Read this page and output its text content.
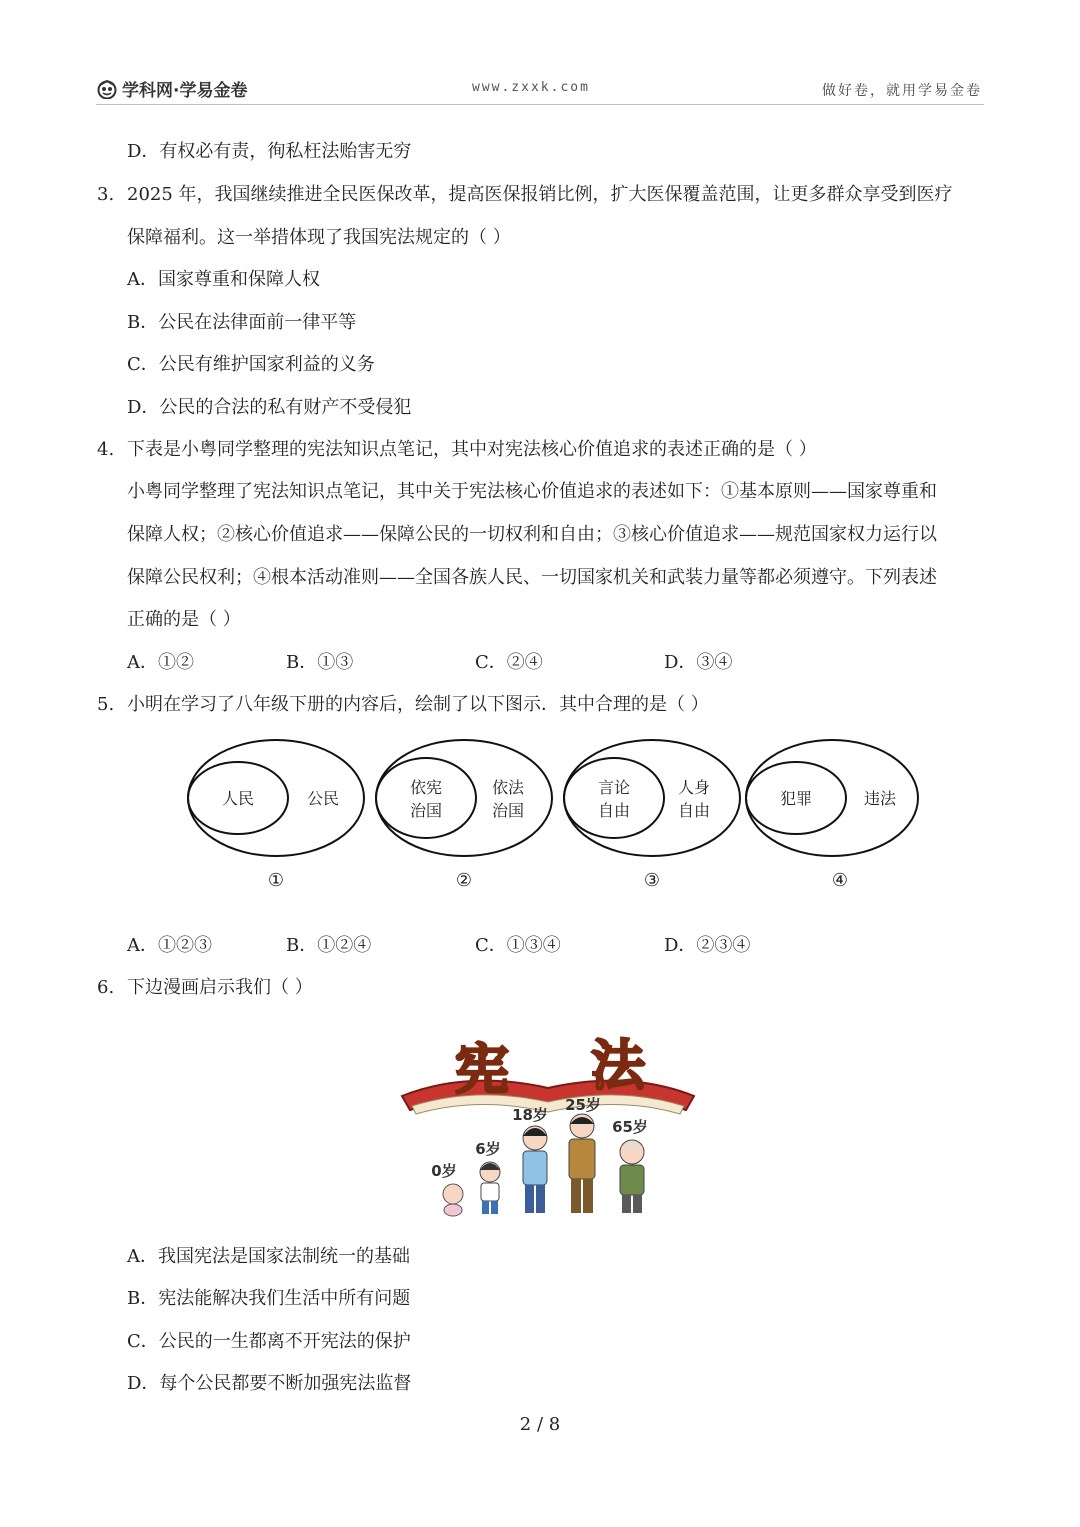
学科网·学易金卷	www.zxxk.com	做好卷，就用学易金卷
D．有权必有责，徇私枉法贻害无穷
3. 2025 年，我国继续推进全民医保改革，提高医保报销比例，扩大医保覆盖范围，让更多群众享受到医疗
保障福利。这一举措体现了我国宪法规定的（ ）
A．国家尊重和保障人权
B．公民在法律面前一律平等
C．公民有维护国家利益的义务
D．公民的合法的私有财产不受侵犯
4. 下表是小粤同学整理的宪法知识点笔记，其中对宪法核心价值追求的表述正确的是（ ）
小粤同学整理了宪法知识点笔记，其中关于宪法核心价值追求的表述如下：①基本原则——国家尊重和
保障人权；②核心价值追求——保障公民的一切权利和自由；③核心价值追求——规范国家权力运行以
保障公民权利；④根本活动准则——全国各族人民、一切国家机关和武装力量等都必须遵守。下列表述
正确的是（ ）
A．①②	B．①③	C．②④	D．③④
5. 小明在学习了八年级下册的内容后，绘制了以下图示．其中合理的是（ ）
人民	公民
①
依宪
治国
依法
治国
②
言论
自由
人身
自由
③
犯罪	违法
④
A．①②③	B．①②④	C．①③④	D．②③④
6. 下边漫画启示我们（ ）
宪 法
0岁
6岁
18岁
25岁
65岁
A．我国宪法是国家法制统一的基础
B．宪法能解决我们生活中所有问题
C．公民的一生都离不开宪法的保护
D．每个公民都要不断加强宪法监督
2 / 8
